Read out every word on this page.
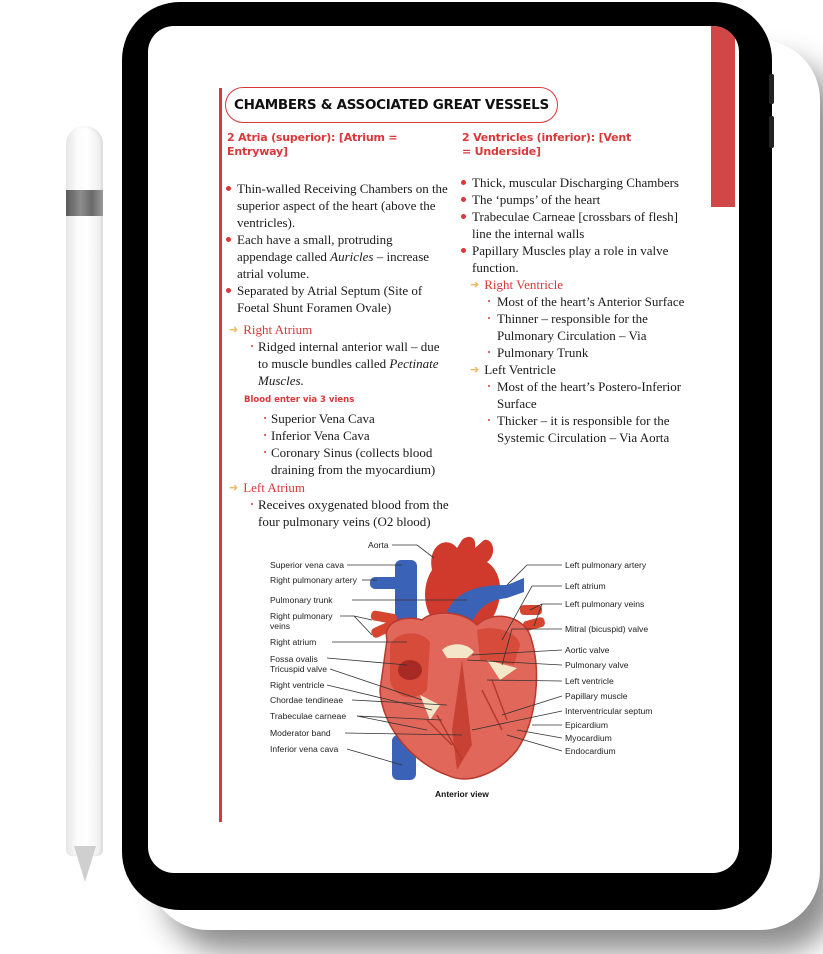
CHAMBERS & ASSOCIATED GREAT VESSELS
2 Atria (superior): [Atrium = Entryway]
Thin-walled Receiving Chambers on the superior aspect of the heart (above the ventricles).
Each have a small, protruding appendage called Auricles – increase atrial volume.
Separated by Atrial Septum (Site of Foetal Shunt Foramen Ovale)
➜ Right Atrium
Ridged internal anterior wall – due to muscle bundles called Pectinate Muscles.
Blood enter via 3 viens
Superior Vena Cava
Inferior Vena Cava
Coronary Sinus (collects blood draining from the myocardium)
➜ Left Atrium
Receives oxygenated blood from the four pulmonary veins (O2 blood)
2 Ventricles (inferior): [Vent = Underside]
Thick, muscular Discharging Chambers
The ‘pumps’ of the heart
Trabeculae Carneae [crossbars of flesh] line the internal walls
Papillary Muscles play a role in valve function.
➜ Right Ventricle
Most of the heart’s Anterior Surface
Thinner – responsible for the Pulmonary Circulation – Via
Pulmonary Trunk
➜ Left Ventricle
Most of the heart’s Postero-Inferior Surface
Thicker – it is responsible for the Systemic Circulation – Via Aorta
Aorta
Superior vena cava
Right pulmonary artery
Pulmonary trunk
Right pulmonary veins
Right atrium
Fossa ovalis
Tricuspid valve
Right ventricle
Chordae tendineae
Trabeculae carneae
Moderator band
Inferior vena cava
Left pulmonary artery
Left atrium
Left pulmonary veins
Mitral (bicuspid) valve
Aortic valve
Pulmonary valve
Left ventricle
Papillary muscle
Interventricular septum
Epicardium
Myocardium
Endocardium
Anterior view
